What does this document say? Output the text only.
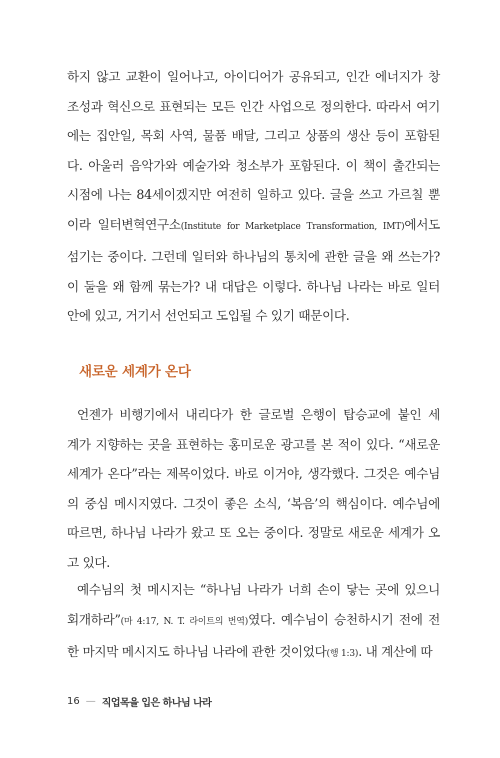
하지 않고 교환이 일어나고, 아이디어가 공유되고, 인간 에너지가 창
조성과 혁신으로 표현되는 모든 인간 사업으로 정의한다. 따라서 여기
에는 집안일, 목회 사역, 물품 배달, 그리고 상품의 생산 등이 포함된
다. 아울러 음악가와 예술가와 청소부가 포함된다. 이 책이 출간되는
시점에 나는 84세이겠지만 여전히 일하고 있다. 글을 쓰고 가르칠 뿐
이라 일터변혁연구소(Institute for Marketplace Transformation, IMT)에서도
섬기는 중이다. 그런데 일터와 하나님의 통치에 관한 글을 왜 쓰는가?
이 둘을 왜 함께 묶는가? 내 대답은 이렇다. 하나님 나라는 바로 일터
안에 있고, 거기서 선언되고 도입될 수 있기 때문이다.

새로운 세계가 온다

언젠가 비행기에서 내리다가 한 글로벌 은행이 탑승교에 붙인 세
계가 지향하는 곳을 표현하는 홍미로운 광고를 본 적이 있다. “새로운
세계가 온다”라는 제목이었다. 바로 이거야, 생각했다. 그것은 예수님
의 중심 메시지였다. 그것이 좋은 소식, ‘복음’의 핵심이다. 예수님에
따르면, 하나님 나라가 왔고 또 오는 중이다. 정말로 새로운 세계가 오
고 있다.

예수님의 첫 메시지는 “하나님 나라가 너희 손이 닿는 곳에 있으니
회개하라”(마 4:17, N. T. 라이트의 번역)였다. 예수님이 승천하시기 전에 전
한 마지막 메시지도 하나님 나라에 관한 것이었다(행 1:3). 내 계산에 따

16 — 직업목을 입은 하나님 나라
